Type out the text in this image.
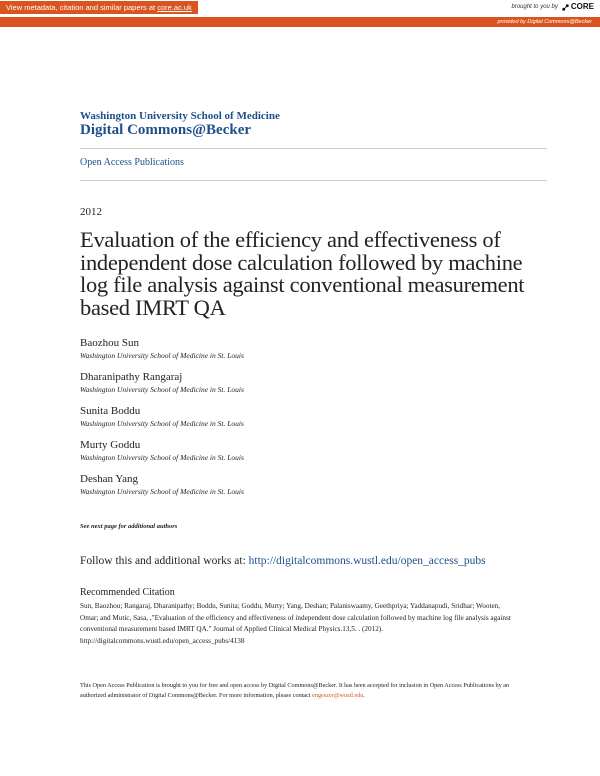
View metadata, citation and similar papers at core.ac.uk	brought to you by CORE
provided by Digital Commons@Becker
Washington University School of Medicine
Digital Commons@Becker
Open Access Publications
2012
Evaluation of the efficiency and effectiveness of independent dose calculation followed by machine log file analysis against conventional measurement based IMRT QA
Baozhou Sun
Washington University School of Medicine in St. Louis
Dharanipathy Rangaraj
Washington University School of Medicine in St. Louis
Sunita Boddu
Washington University School of Medicine in St. Louis
Murty Goddu
Washington University School of Medicine in St. Louis
Deshan Yang
Washington University School of Medicine in St. Louis
See next page for additional authors
Follow this and additional works at: http://digitalcommons.wustl.edu/open_access_pubs
Recommended Citation
Sun, Baozhou; Rangaraj, Dharanipathy; Boddu, Sunita; Goddu, Murty; Yang, Deshan; Palaniswaamy, Geethpriya; Yaddanapudi, Sridhar; Wooten, Omar; and Mutic, Sasa, ,"Evaluation of the efficiency and effectiveness of independent dose calculation followed by machine log file analysis against conventional measurement based IMRT QA." Journal of Applied Clinical Medical Physics.13,5. . (2012).
http://digitalcommons.wustl.edu/open_access_pubs/4138
This Open Access Publication is brought to you for free and open access by Digital Commons@Becker. It has been accepted for inclusion in Open Access Publications by an authorized administrator of Digital Commons@Becker. For more information, please contact engeszer@wustl.edu.
